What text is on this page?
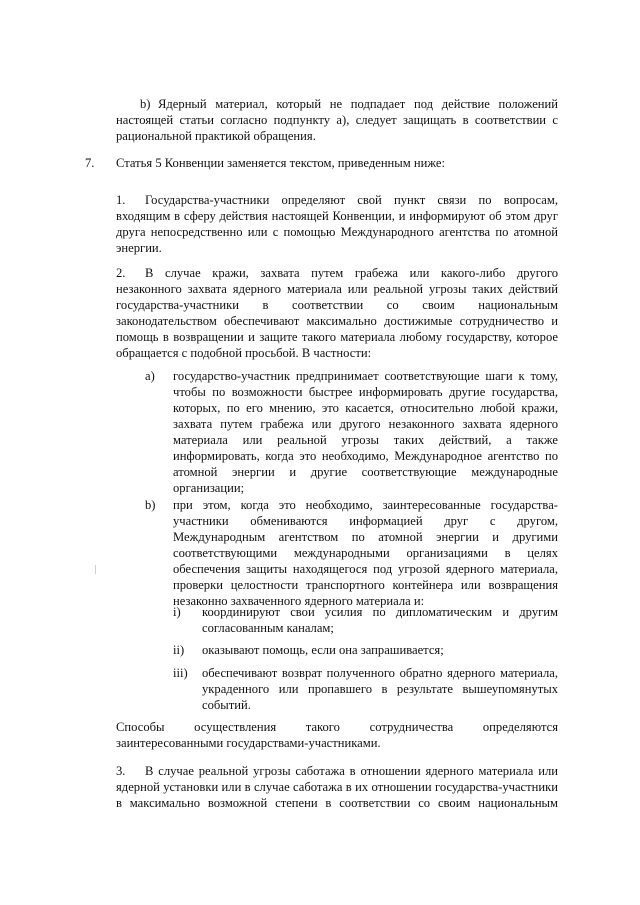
b) Ядерный материал, который не подпадает под действие положений настоящей статьи согласно подпункту а), следует защищать в соответствии с рациональной практикой обращения.

7. Статья 5 Конвенции заменяется текстом, приведенным ниже:

1.	Государства-участники определяют свой пункт связи по вопросам, входящим в сферу действия настоящей Конвенции, и информируют об этом друг друга непосредственно или с помощью Международного агентства по атомной энергии.

2.	В случае кражи, захвата путем грабежа или какого-либо другого незаконного захвата ядерного материала или реальной угрозы таких действий государства-участники в соответствии со своим национальным законодательством обеспечивают максимально достижимые сотрудничество и помощь в возвращении и защите такого материала любому государству, которое обращается с подобной просьбой. В частности:

a) государство-участник предпринимает соответствующие шаги к тому, чтобы по возможности быстрее информировать другие государства, которых, по его мнению, это касается, относительно любой кражи, захвата путем грабежа или другого незаконного захвата ядерного материала или реальной угрозы таких действий, а также информировать, когда это необходимо, Международное агентство по атомной энергии и другие соответствующие международные организации;

b) при этом, когда это необходимо, заинтересованные государства-участники обмениваются информацией друг с другом, Международным агентством по атомной энергии и другими соответствующими международными организациями в целях обеспечения защиты находящегося под угрозой ядерного материала, проверки целостности транспортного контейнера или возвращения незаконно захваченного ядерного материала и:

i) координируют свои усилия по дипломатическим и другим согласованным каналам;

ii) оказывают помощь, если она запрашивается;

iii) обеспечивают возврат полученного обратно ядерного материала, украденного или пропавшего в результате вышеупомянутых событий.

Способы осуществления такого сотрудничества определяются заинтересованными государствами-участниками.

3.	В случае реальной угрозы саботажа в отношении ядерного материала или ядерной установки или в случае саботажа в их отношении государства-участники в максимально возможной степени в соответствии со своим национальным
